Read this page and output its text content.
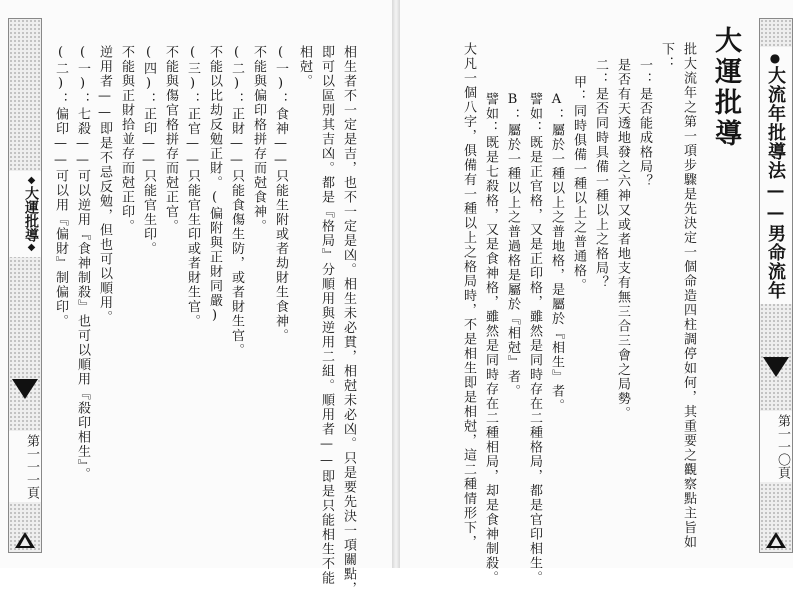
◆大運批導◆
第一一一頁	相生者不一定是吉，也不一定是凶。相生未必貫，相尅未必凶。只是要先決一項關點，
即可以區別其吉凶。都是『格局』分順用與逆用二組。順用者——即是只能相生不能
相尅。
(一)：食神——只能生附或者劫財生食神。
不能與偏印格拼存而尅食神。
(二)：正財——只能食傷生防，或者財生官。
不能以比劫反勉正財。(偏附與正財同嚴)
(三)：正官——只能官生印或者財生官。
不能與傷官格拼存而尅正官。
(四)：正印——只能官生印。
不能與正財拾並存而尅正印。
逆用者——即是不忌反勉，但也可以順用。
(一)：七殺——可以逆用『食神制殺』也可以順用『殺印相生』。
(二)：偏印——可以用『偏財』制偏印。	大運批導	●大流年批導法——男命流年
第一一〇頁
批大流年之第一項步驟是先決定一個命造四柱調停如何，其重要之觀察點主旨如
下：
一：是否能成格局？
是否有天透地發之六神又或者地支有無三合三會之局勢。
二：是否同時具備一種以上之格局？
甲：同時俱備一種以上之普通格。
A：屬於一種以上之普地格，是屬於『相生』者。
譬如：既是正官格，又是正印格，雖然是同時存在二種格局，都是官印相生。
B：屬於一種以上之普過格是屬於『相尅』者。
譬如：既是七殺格，又是食神格，雖然是同時存在二種相局，却是食神制殺。
大凡一個八字，俱備有一種以上之格局時，不是相生即是相尅，這二種情形下，
